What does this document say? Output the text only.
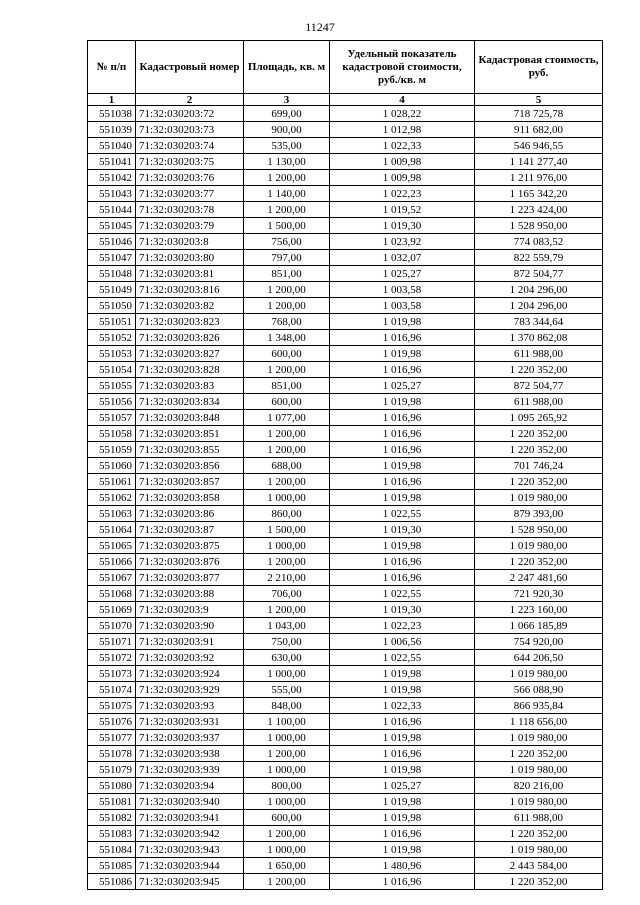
11247
№ п/п	Кадастровый номер	Площадь, кв. м	Удельный показатель кадастровой стоимости, руб./кв. м	Кадастровая стоимость, руб.
1	2	3	4	5
551038	71:32:030203:72	699,00	1 028,22	718 725,78
551039	71:32:030203:73	900,00	1 012,98	911 682,00
551040	71:32:030203:74	535,00	1 022,33	546 946,55
551041	71:32:030203:75	1 130,00	1 009,98	1 141 277,40
551042	71:32:030203:76	1 200,00	1 009,98	1 211 976,00
551043	71:32:030203:77	1 140,00	1 022,23	1 165 342,20
551044	71:32:030203:78	1 200,00	1 019,52	1 223 424,00
551045	71:32:030203:79	1 500,00	1 019,30	1 528 950,00
551046	71:32:030203:8	756,00	1 023,92	774 083,52
551047	71:32:030203:80	797,00	1 032,07	822 559,79
551048	71:32:030203:81	851,00	1 025,27	872 504,77
551049	71:32:030203:816	1 200,00	1 003,58	1 204 296,00
551050	71:32:030203:82	1 200,00	1 003,58	1 204 296,00
551051	71:32:030203:823	768,00	1 019,98	783 344,64
551052	71:32:030203:826	1 348,00	1 016,96	1 370 862,08
551053	71:32:030203:827	600,00	1 019,98	611 988,00
551054	71:32:030203:828	1 200,00	1 016,96	1 220 352,00
551055	71:32:030203:83	851,00	1 025,27	872 504,77
551056	71:32:030203:834	600,00	1 019,98	611 988,00
551057	71:32:030203:848	1 077,00	1 016,96	1 095 265,92
551058	71:32:030203:851	1 200,00	1 016,96	1 220 352,00
551059	71:32:030203:855	1 200,00	1 016,96	1 220 352,00
551060	71:32:030203:856	688,00	1 019,98	701 746,24
551061	71:32:030203:857	1 200,00	1 016,96	1 220 352,00
551062	71:32:030203:858	1 000,00	1 019,98	1 019 980,00
551063	71:32:030203:86	860,00	1 022,55	879 393,00
551064	71:32:030203:87	1 500,00	1 019,30	1 528 950,00
551065	71:32:030203:875	1 000,00	1 019,98	1 019 980,00
551066	71:32:030203:876	1 200,00	1 016,96	1 220 352,00
551067	71:32:030203:877	2 210,00	1 016,96	2 247 481,60
551068	71:32:030203:88	706,00	1 022,55	721 920,30
551069	71:32:030203:9	1 200,00	1 019,30	1 223 160,00
551070	71:32:030203:90	1 043,00	1 022,23	1 066 185,89
551071	71:32:030203:91	750,00	1 006,56	754 920,00
551072	71:32:030203:92	630,00	1 022,55	644 206,50
551073	71:32:030203:924	1 000,00	1 019,98	1 019 980,00
551074	71:32:030203:929	555,00	1 019,98	566 088,90
551075	71:32:030203:93	848,00	1 022,33	866 935,84
551076	71:32:030203:931	1 100,00	1 016,96	1 118 656,00
551077	71:32:030203:937	1 000,00	1 019,98	1 019 980,00
551078	71:32:030203:938	1 200,00	1 016,96	1 220 352,00
551079	71:32:030203:939	1 000,00	1 019,98	1 019 980,00
551080	71:32:030203:94	800,00	1 025,27	820 216,00
551081	71:32:030203:940	1 000,00	1 019,98	1 019 980,00
551082	71:32:030203:941	600,00	1 019,98	611 988,00
551083	71:32:030203:942	1 200,00	1 016,96	1 220 352,00
551084	71:32:030203:943	1 000,00	1 019,98	1 019 980,00
551085	71:32:030203:944	1 650,00	1 480,96	2 443 584,00
551086	71:32:030203:945	1 200,00	1 016,96	1 220 352,00
